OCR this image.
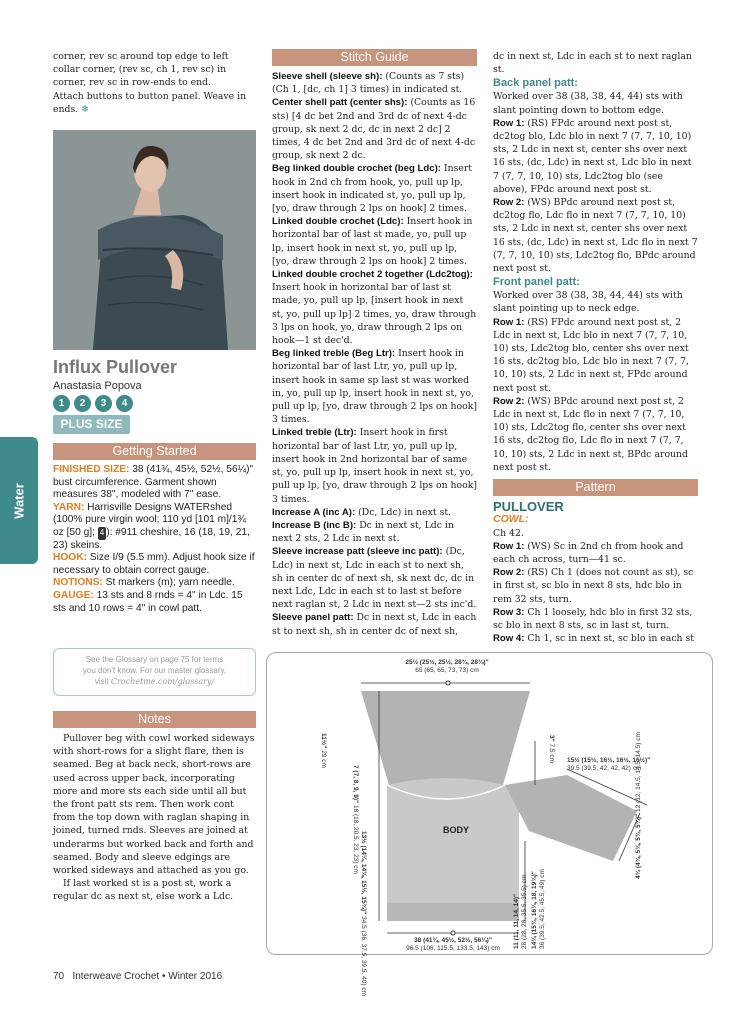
Water

corner, rev sc around top edge to left collar corner, (rev sc, ch 1, rev sc) in corner, rev sc in row-ends to end.

Attach buttons to button panel. Weave in ends. ❄

Influx Pullover
Anastasia Popova
1	2	3	4
PLUS SIZE
Getting Started

FINISHED SIZE: 38 (41¾, 45½, 52½, 56¼)" bust circumference. Garment shown measures 38", modeled with 7" ease.

YARN: Harrisville Designs WATERshed (100% pure virgin wool; 110 yd [101 m]/1¾ oz [50 g]; 4 ): #911 cheshire, 16 (18, 19, 21, 23) skeins.

HOOK: Size I/9 (5.5 mm). Adjust hook size if necessary to obtain correct gauge.

NOTIONS: St markers (m); yarn needle.

GAUGE: 13 sts and 8 rnds = 4" in Ldc. 15 sts and 10 rows = 4" in cowl patt.

See the Glossary on page 75 for terms
you don't know. For our master glossary,
visit Crochetme.com/glossary/
Notes

Pullover beg with cowl worked sideways with short-rows for a slight flare, then is seamed. Beg at back neck, short-rows are used across upper back, incorporating more and more sts each side until all but the front patt sts rem. Then work cont from the top down with raglan shaping in joined, turned rnds. Sleeves are joined at underarms but worked back and forth and seamed. Body and sleeve edgings are worked sideways and attached as you go.

If last worked st is a post st, work a regular dc as next st, else work a Ldc.

70 Interweave Crochet • Winter 2016
Stitch Guide

Sleeve shell (sleeve sh): (Counts as 7 sts) (Ch 1, [dc, ch 1] 3 times) in indicated st.

Center shell patt (center shs): (Counts as 16 sts) [4 dc bet 2nd and 3rd dc of next 4-dc group, sk next 2 dc, dc in next 2 dc] 2 times, 4 dc bet 2nd and 3rd dc of next 4-dc group, sk next 2 dc.

Beg linked double crochet (beg Ldc): Insert hook in 2nd ch from hook, yo, pull up lp, insert hook in indicated st, yo, pull up lp, [yo, draw through 2 lps on hook] 2 times.

Linked double crochet (Ldc): Insert hook in horizontal bar of last st made, yo, pull up lp, insert hook in next st, yo, pull up lp, [yo, draw through 2 lps on hook] 2 times.

Linked double crochet 2 together (Ldc2tog): Insert hook in horizontal bar of last st made, yo, pull up lp, [insert hook in next st, yo, pull up lp] 2 times, yo, draw through 3 lps on hook, yo, draw through 2 lps on hook—1 st dec'd.

Beg linked treble (Beg Ltr): Insert hook in horizontal bar of last Ltr, yo, pull up lp, insert hook in same sp last st was worked in, yo, pull up lp, insert hook in next st, yo, pull up lp, [yo, draw through 2 lps on hook] 3 times.

Linked treble (Ltr): Insert hook in first horizontal bar of last Ltr, yo, pull up lp, insert hook in 2nd horizontal bar of same st, yo, pull up lp, insert hook in next st, yo, pull up lp, [yo, draw through 2 lps on hook] 3 times.

Increase A (inc A): (Dc, Ldc) in next st.

Increase B (inc B): Dc in next st, Ldc in next 2 sts, 2 Ldc in next st.

Sleeve increase patt (sleeve inc patt): (Dc, Ldc) in next st, Ldc in each st to next sh, sh in center dc of next sh, sk next dc, dc in next Ldc, Ldc in each st to last st before next raglan st, 2 Ldc in next st—2 sts inc'd.

Sleeve panel patt: Dc in next st, Ldc in each st to next sh, sh in center dc of next sh,

dc in next st, Ldc in each st to next raglan st.

Back panel patt:

Worked over 38 (38, 38, 44, 44) sts with slant pointing down to bottom edge.

Row 1: (RS) FPdc around next post st, dc2tog blo, Ldc blo in next 7 (7, 7, 10, 10) sts, 2 Ldc in next st, center shs over next 16 sts, (dc, Ldc) in next st, Ldc blo in next 7 (7, 7, 10, 10) sts, Ldc2tog blo (see above), FPdc around next post st.

Row 2: (WS) BPdc around next post st, dc2tog flo, Ldc flo in next 7 (7, 7, 10, 10) sts, 2 Ldc in next st, center shs over next 16 sts, (dc, Ldc) in next st, Ldc flo in next 7 (7, 7, 10, 10) sts, Ldc2tog flo, BPdc around next post st.

Front panel patt:

Worked over 38 (38, 38, 44, 44) sts with slant pointing up to neck edge.

Row 1: (RS) FPdc around next post st, 2 Ldc in next st, Ldc blo in next 7 (7, 7, 10, 10) sts, Ldc2tog blo, center shs over next 16 sts, dc2tog blo, Ldc blo in next 7 (7, 7, 10, 10) sts, 2 Ldc in next st, FPdc around next post st.

Row 2: (WS) BPdc around next post st, 2 Ldc in next st, Ldc flo in next 7 (7, 7, 10, 10) sts, Ldc2tog flo, center shs over next 16 sts, dc2tog flo, Ldc flo in next 7 (7, 7, 10, 10) sts, 2 Ldc in next st, BPdc around next post st.

Pattern

PULLOVER

COWL:

Ch 42.

Row 1: (WS) Sc in 2nd ch from hook and each ch across, turn—41 sc.

Row 2: (RS) Ch 1 (does not count as st), sc in first st, sc blo in next 8 sts, hdc blo in rem 32 sts, turn.

Row 3: Ch 1 loosely, hdc blo in first 32 sts, sc blo in next 8 sts, sc in last st, turn.

Row 4: Ch 1, sc in next st, sc blo in each st

25½ (25½, 25½, 28¾, 28¾)"
65 (65, 65, 73, 73) cm
11½" 29 cm
7 (7, 8, 9, 9)" 18 (18, 20.5, 23, 23) cm 13½ (14¼, 14¾, 15½, 15¾)" 34.5 (36, 37.5, 39.5, 40) cm
3" 7.5 cm 15½ (15½, 16½, 16½, 16½)"
39.5 (39.5, 42, 42, 42) cm
4¾ (4¾, 5¾, 5¾, 5¾)" 12 (12, 14.5, 14.5, 14.5) cm
BODY
11 (11, 11, 14, 14)" 28 (28, 28, 35.5, 35.5) cm 14¼ (15¾, 16¾, 18, 19¾)" 36 (39.5, 42.5, 45.5, 49) cm
38 (41¾, 45½, 52½, 56¼)"
96.5 (106, 115.5, 133.5, 143) cm
